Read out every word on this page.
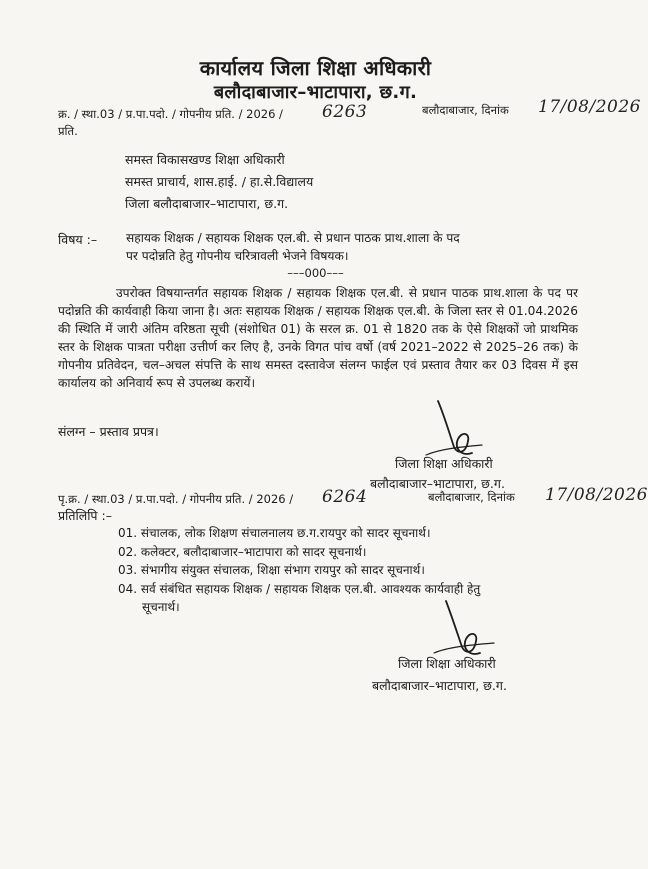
कार्यालय जिला शिक्षा अधिकारी
बलौदाबाजार–भाटापारा, छ.ग.
क्र. / स्था.03 / प्र.पा.पदो. / गोपनीय प्रति. / 2026 / 6263	बलौदाबाजार, दिनांक 17/08/2026
प्रति.
समस्त विकासखण्ड शिक्षा अधिकारी
समस्त प्राचार्य, शास.हाई. / हा.से.विद्यालय
जिला बलौदाबाजार–भाटापारा, छ.ग.
विषय :– सहायक शिक्षक / सहायक शिक्षक एल.बी. से प्रधान पाठक प्राथ.शाला के पद
पर पदोन्नति हेतु गोपनीय चरित्रावली भेजने विषयक।
–––000–––
उपरोक्त विषयान्तर्गत सहायक शिक्षक / सहायक शिक्षक एल.बी. से प्रधान पाठक प्राथ.शाला के पद पर पदोन्नति की कार्यवाही किया जाना है। अतः सहायक शिक्षक / सहायक शिक्षक एल.बी. के जिला स्तर से 01.04.2026 की स्थिति में जारी अंतिम वरिष्ठता सूची (संशोधित 01) के सरल क्र. 01 से 1820 तक के ऐसे शिक्षकों जो प्राथमिक स्तर के शिक्षक पात्रता परीक्षा उत्तीर्ण कर लिए है, उनके विगत पांच वर्षो (वर्ष 2021–2022 से 2025–26 तक) के गोपनीय प्रतिवेदन, चल–अचल संपत्ति के साथ समस्त दस्तावेज संलग्न फाईल एवं प्रस्ताव तैयार कर 03 दिवस में इस कार्यालय को अनिवार्य रूप से उपलब्ध करायें।
संलग्न – प्रस्ताव प्रपत्र।
जिला शिक्षा अधिकारी
बलौदाबाजार–भाटापारा, छ.ग.
पृ.क्र. / स्था.03 / प्र.पा.पदो. / गोपनीय प्रति. / 2026 / 6264	बलौदाबाजार, दिनांक 17/08/2026
प्रतिलिपि :–
01. संचालक, लोक शिक्षण संचालनालय छ.ग.रायपुर को सादर सूचनार्थ।
02. कलेक्टर, बलौदाबाजार–भाटापारा को सादर सूचनार्थ।
03. संभागीय संयुक्त संचालक, शिक्षा संभाग रायपुर को सादर सूचनार्थ।
04. सर्व संबंधित सहायक शिक्षक / सहायक शिक्षक एल.बी. आवश्यक कार्यवाही हेतु
सूचनार्थ।
जिला शिक्षा अधिकारी
बलौदाबाजार–भाटापारा, छ.ग.
